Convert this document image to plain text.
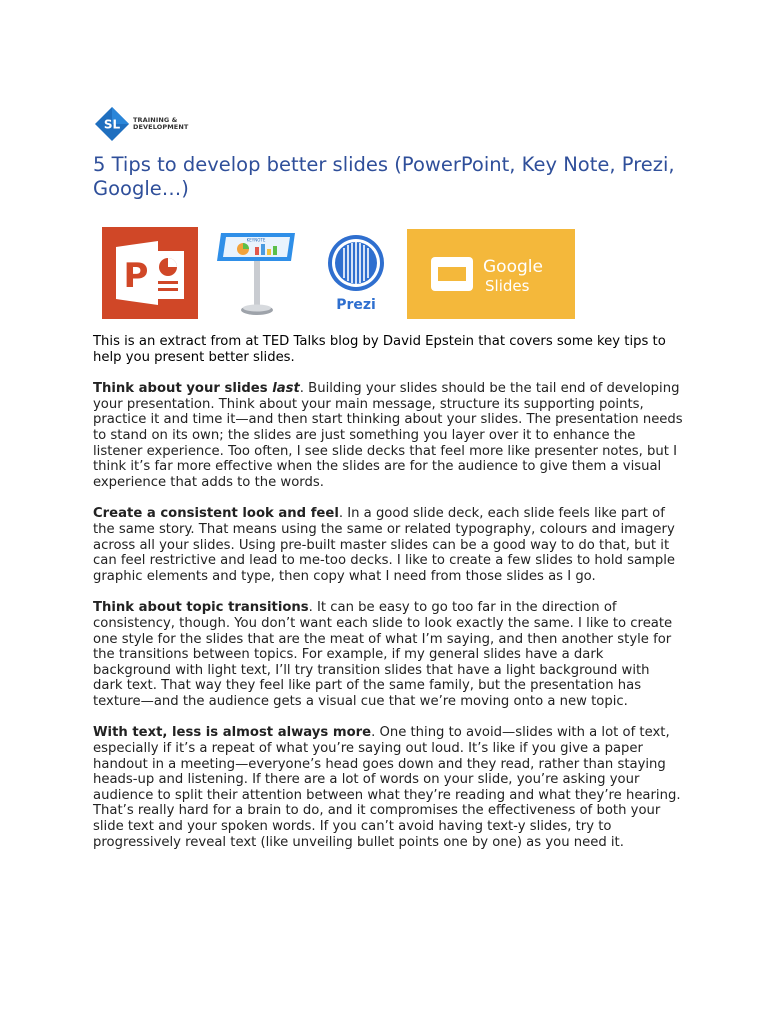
SL TRAINING &
DEVELOPMENT
5 Tips to develop better slides (PowerPoint, Key Note, Prezi, Google…)
P
KEYNOTE
Prezi
Google
Slides

This is an extract from at TED Talks blog by David Epstein that covers some key tips to help you present better slides.

Think about your slides last. Building your slides should be the tail end of developing your presentation. Think about your main message, structure its supporting points, practice it and time it—and then start thinking about your slides. The presentation needs to stand on its own; the slides are just something you layer over it to enhance the listener experience. Too often, I see slide decks that feel more like presenter notes, but I think it’s far more effective when the slides are for the audience to give them a visual experience that adds to the words.

Create a consistent look and feel. In a good slide deck, each slide feels like part of the same story. That means using the same or related typography, colours and imagery across all your slides. Using pre-built master slides can be a good way to do that, but it can feel restrictive and lead to me-too decks. I like to create a few slides to hold sample graphic elements and type, then copy what I need from those slides as I go.

Think about topic transitions. It can be easy to go too far in the direction of consistency, though. You don’t want each slide to look exactly the same. I like to create one style for the slides that are the meat of what I’m saying, and then another style for the transitions between topics. For example, if my general slides have a dark background with light text, I’ll try transition slides that have a light background with dark text. That way they feel like part of the same family, but the presentation has texture—and the audience gets a visual cue that we’re moving onto a new topic.

With text, less is almost always more. One thing to avoid—slides with a lot of text, especially if it’s a repeat of what you’re saying out loud. It’s like if you give a paper handout in a meeting—everyone’s head goes down and they read, rather than staying heads-up and listening. If there are a lot of words on your slide, you’re asking your audience to split their attention between what they’re reading and what they’re hearing. That’s really hard for a brain to do, and it compromises the effectiveness of both your slide text and your spoken words. If you can’t avoid having text-y slides, try to progressively reveal text (like unveiling bullet points one by one) as you need it.
